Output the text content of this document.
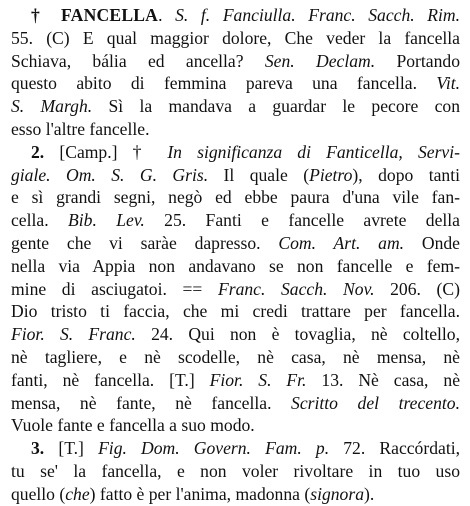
† FANCELLA. S. f. Fanciulla. Franc. Sacch. Rim.
55. (C) E qual maggior dolore, Che veder la fancella
Schiava, bália ed ancella? Sen. Declam. Portando
questo abito di femmina pareva una fancella. Vit.
S. Margh. Sì la mandava a guardar le pecore con
esso l'altre fancelle.
2. [Camp.] † In significanza di Fanticella, Servi-
giale. Om. S. G. Gris. Il quale (Pietro), dopo tanti
e sì grandi segni, negò ed ebbe paura d'una vile fan-
cella. Bib. Lev. 25. Fanti e fancelle avrete della
gente che vi saràe dapresso. Com. Art. am. Onde
nella via Appia non andavano se non fancelle e fem-
mine di asciugatoi. == Franc. Sacch. Nov. 206. (C)
Dio tristo ti faccia, che mi credi trattare per fancella.
Fior. S. Franc. 24. Qui non è tovaglia, nè coltello,
nè tagliere, e nè scodelle, nè casa, nè mensa, nè
fanti, nè fancella. [T.] Fior. S. Fr. 13. Nè casa, nè
mensa, nè fante, nè fancella. Scritto del trecento.
Vuole fante e fancella a suo modo.
3. [T.] Fig. Dom. Govern. Fam. p. 72. Raccórdati,
tu se' la fancella, e non voler rivoltare in tuo uso
quello (che) fatto è per l'anima, madonna (signora).
